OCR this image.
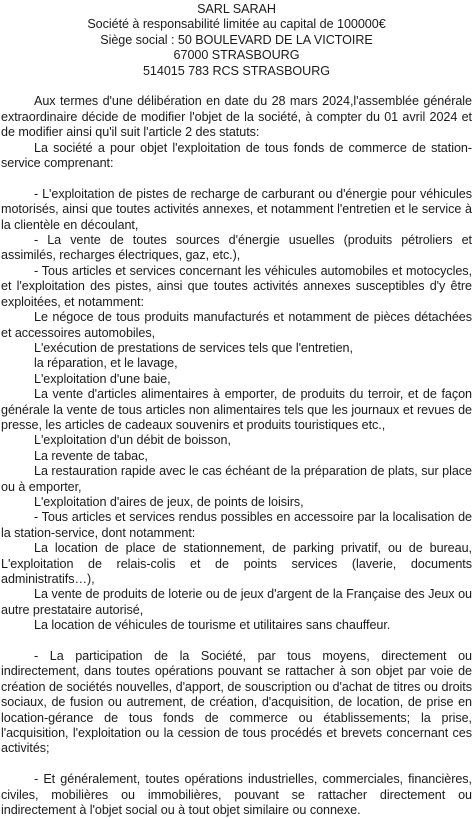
SARL SARAH

Société à responsabilité limitée au capital de 100000€

Siège social : 50 BOULEVARD DE LA VICTOIRE

67000 STRASBOURG

514015 783 RCS STRASBOURG

Aux termes d'une délibération en date du 28 mars 2024,l'assemblée générale extraordinaire décide de modifier l'objet de la société, à compter du 01 avril 2024 et de modifier ainsi qu'il suit l'article 2 des statuts:

La société a pour objet l'exploitation de tous fonds de commerce de station-service comprenant:

- L'exploitation de pistes de recharge de carburant ou d'énergie pour véhicules motorisés, ainsi que toutes activités annexes, et notamment l'entretien et le service à la clientèle en découlant,

- La vente de toutes sources d'énergie usuelles (produits pétroliers et assimilés, recharges électriques, gaz, etc.),

- Tous articles et services concernant les véhicules automobiles et motocycles, et l'exploitation des pistes, ainsi que toutes activités annexes susceptibles d'y être exploitées, et notamment:

Le négoce de tous produits manufacturés et notamment de pièces détachées et accessoires automobiles,

L'exécution de prestations de services tels que l'entretien,

la réparation, et le lavage,

L'exploitation d'une baie,

La vente d'articles alimentaires à emporter, de produits du terroir, et de façon générale la vente de tous articles non alimentaires tels que les journaux et revues de presse, les articles de cadeaux souvenirs et produits touristiques etc.,

L'exploitation d'un débit de boisson,

La revente de tabac,

La restauration rapide avec le cas échéant de la préparation de plats, sur place ou à emporter,

L'exploitation d'aires de jeux, de points de loisirs,

- Tous articles et services rendus possibles en accessoire par la localisation de la station-service, dont notamment:

La location de place de stationnement, de parking privatif, ou de bureau, L'exploitation de relais-colis et de points services (laverie, documents administratifs…),

La vente de produits de loterie ou de jeux d'argent de la Française des Jeux ou autre prestataire autorisé,

La location de véhicules de tourisme et utilitaires sans chauffeur.

- La participation de la Société, par tous moyens, directement ou indirectement, dans toutes opérations pouvant se rattacher à son objet par voie de création de sociétés nouvelles, d'apport, de souscription ou d'achat de titres ou droits sociaux, de fusion ou autrement, de création, d'acquisition, de location, de prise en location-gérance de tous fonds de commerce ou établissements; la prise, l'acquisition, l'exploitation ou la cession de tous procédés et brevets concernant ces activités;

- Et généralement, toutes opérations industrielles, commerciales, financières, civiles, mobilières ou immobilières, pouvant se rattacher directement ou indirectement à l'objet social ou à tout objet similaire ou connexe.
